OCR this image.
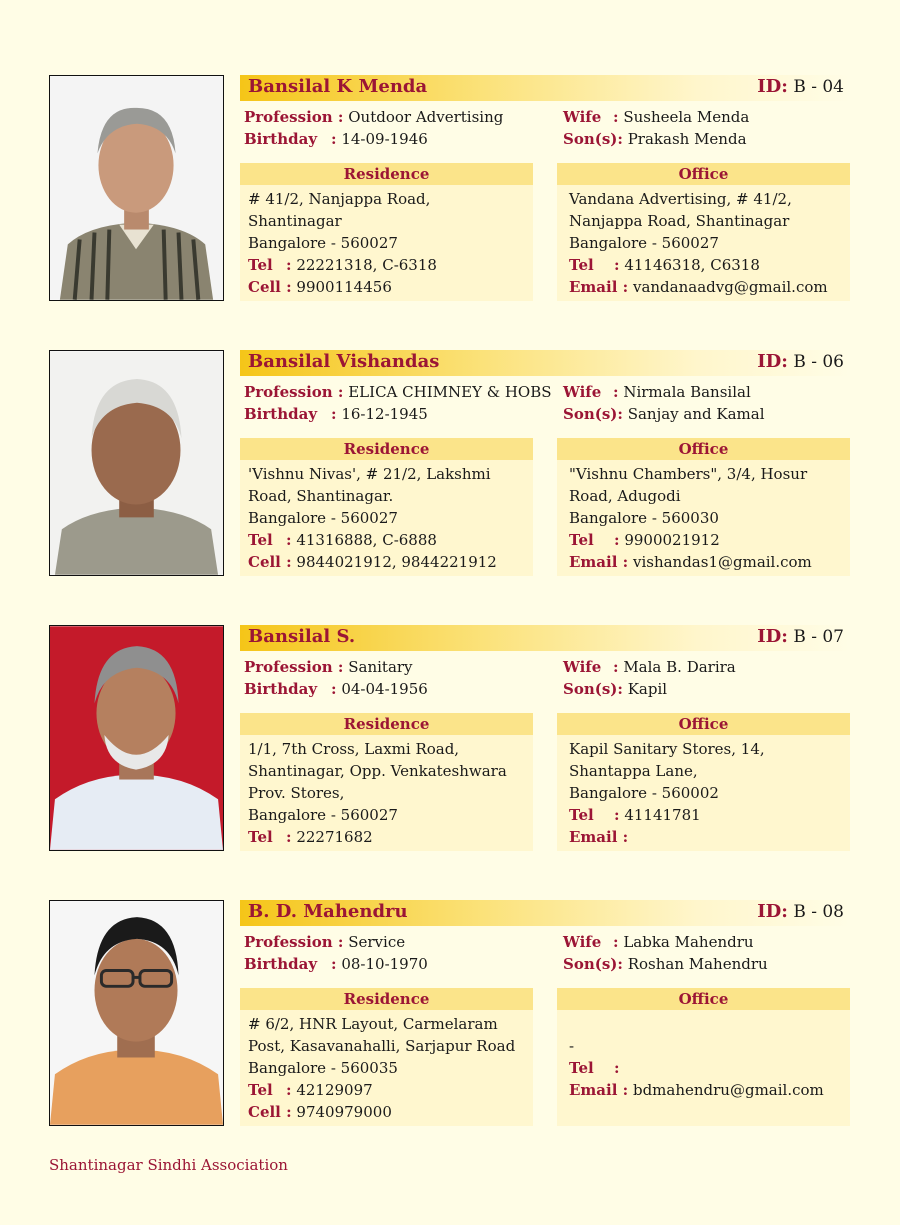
Bansilal K Menda	ID: B - 04
Profession : Outdoor Advertising
Birthday : 14-09-1946
Wife : Susheela Menda
Son(s): Prakash Menda
Residence
# 41/2, Nanjappa Road,
Shantinagar
Bangalore - 560027
Tel : 22221318, C-6318
Cell : 9900114456
Office
Vandana Advertising, # 41/2,
Nanjappa Road, Shantinagar
Bangalore - 560027
Tel : 41146318, C6318
Email : vandanaadvg@gmail.com
Bansilal Vishandas	ID: B - 06
Profession : ELICA CHIMNEY & HOBS
Birthday : 16-12-1945
Wife : Nirmala Bansilal
Son(s): Sanjay and Kamal
Residence
'Vishnu Nivas', # 21/2, Lakshmi
Road, Shantinagar.
Bangalore - 560027
Tel : 41316888, C-6888
Cell : 9844021912, 9844221912
Office
"Vishnu Chambers", 3/4, Hosur
Road, Adugodi
Bangalore - 560030
Tel : 9900021912
Email : vishandas1@gmail.com
Bansilal S.	ID: B - 07
Profession : Sanitary
Birthday : 04-04-1956
Wife : Mala B. Darira
Son(s): Kapil
Residence
1/1, 7th Cross, Laxmi Road,
Shantinagar, Opp. Venkateshwara
Prov. Stores,
Bangalore - 560027
Tel : 22271682
Office
Kapil Sanitary Stores, 14,
Shantappa Lane,
Bangalore - 560002
Tel : 41141781
Email :
B. D. Mahendru	ID: B - 08
Profession : Service
Birthday : 08-10-1970
Wife : Labka Mahendru
Son(s): Roshan Mahendru
Residence
# 6/2, HNR Layout, Carmelaram
Post, Kasavanahalli, Sarjapur Road
Bangalore - 560035
Tel : 42129097
Cell : 9740979000
Office
-
Tel :
Email : bdmahendru@gmail.com
Shantinagar Sindhi Association
